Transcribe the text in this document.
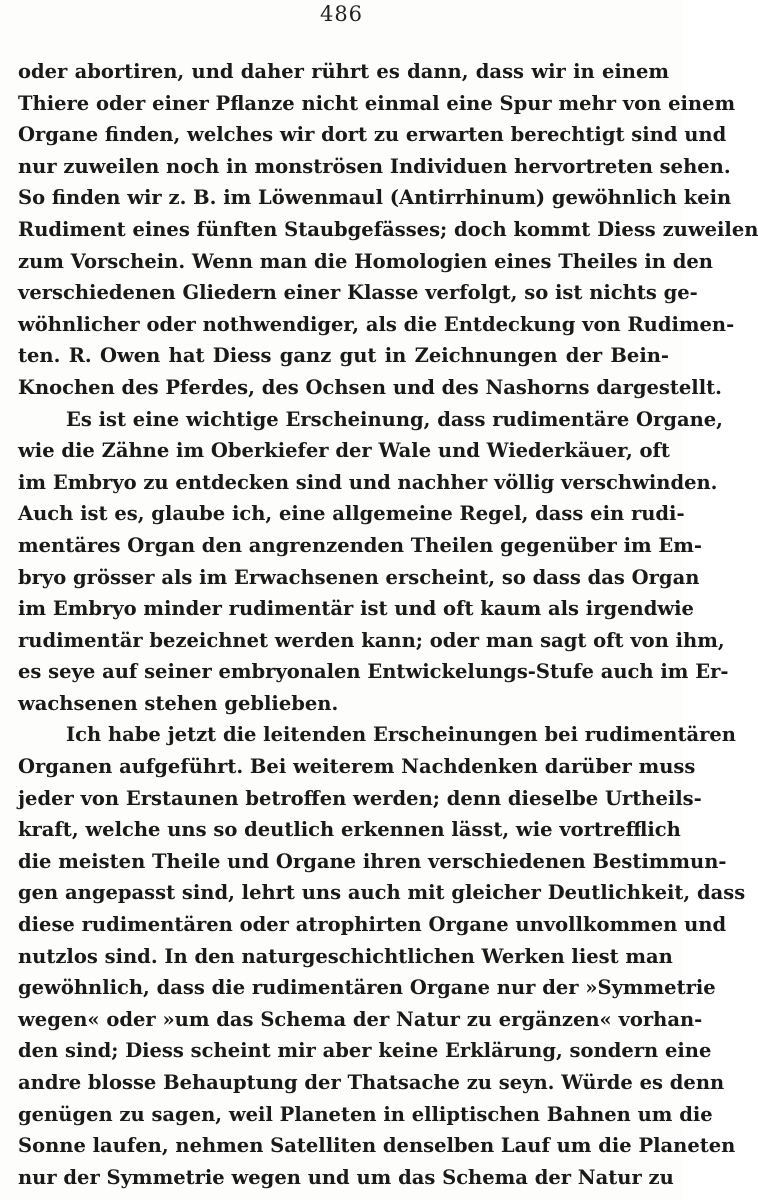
486
oder abortiren, und daher rührt es dann, dass wir in einem
Thiere oder einer Pflanze nicht einmal eine Spur mehr von einem
Organe finden, welches wir dort zu erwarten berechtigt sind und
nur zuweilen noch in monströsen Individuen hervortreten sehen.
So finden wir z. B. im Löwenmaul (Antirrhinum) gewöhnlich kein
Rudiment eines fünften Staubgefässes; doch kommt Diess zuweilen
zum Vorschein. Wenn man die Homologien eines Theiles in den
verschiedenen Gliedern einer Klasse verfolgt, so ist nichts ge-
wöhnlicher oder nothwendiger, als die Entdeckung von Rudimen-
ten. R. Owen hat Diess ganz gut in Zeichnungen der Bein-
Knochen des Pferdes, des Ochsen und des Nashorns dargestellt.
Es ist eine wichtige Erscheinung, dass rudimentäre Organe,
wie die Zähne im Oberkiefer der Wale und Wiederkäuer, oft
im Embryo zu entdecken sind und nachher völlig verschwinden.
Auch ist es, glaube ich, eine allgemeine Regel, dass ein rudi-
mentäres Organ den angrenzenden Theilen gegenüber im Em-
bryo grösser als im Erwachsenen erscheint, so dass das Organ
im Embryo minder rudimentär ist und oft kaum als irgendwie
rudimentär bezeichnet werden kann; oder man sagt oft von ihm,
es seye auf seiner embryonalen Entwickelungs-Stufe auch im Er-
wachsenen stehen geblieben.
Ich habe jetzt die leitenden Erscheinungen bei rudimentären
Organen aufgeführt. Bei weiterem Nachdenken darüber muss
jeder von Erstaunen betroffen werden; denn dieselbe Urtheils-
kraft, welche uns so deutlich erkennen lässt, wie vortrefflich
die meisten Theile und Organe ihren verschiedenen Bestimmun-
gen angepasst sind, lehrt uns auch mit gleicher Deutlichkeit, dass
diese rudimentären oder atrophirten Organe unvollkommen und
nutzlos sind. In den naturgeschichtlichen Werken liest man
gewöhnlich, dass die rudimentären Organe nur der »Symmetrie
wegen« oder »um das Schema der Natur zu ergänzen« vorhan-
den sind; Diess scheint mir aber keine Erklärung, sondern eine
andre blosse Behauptung der Thatsache zu seyn. Würde es denn
genügen zu sagen, weil Planeten in elliptischen Bahnen um die
Sonne laufen, nehmen Satelliten denselben Lauf um die Planeten
nur der Symmetrie wegen und um das Schema der Natur zu
